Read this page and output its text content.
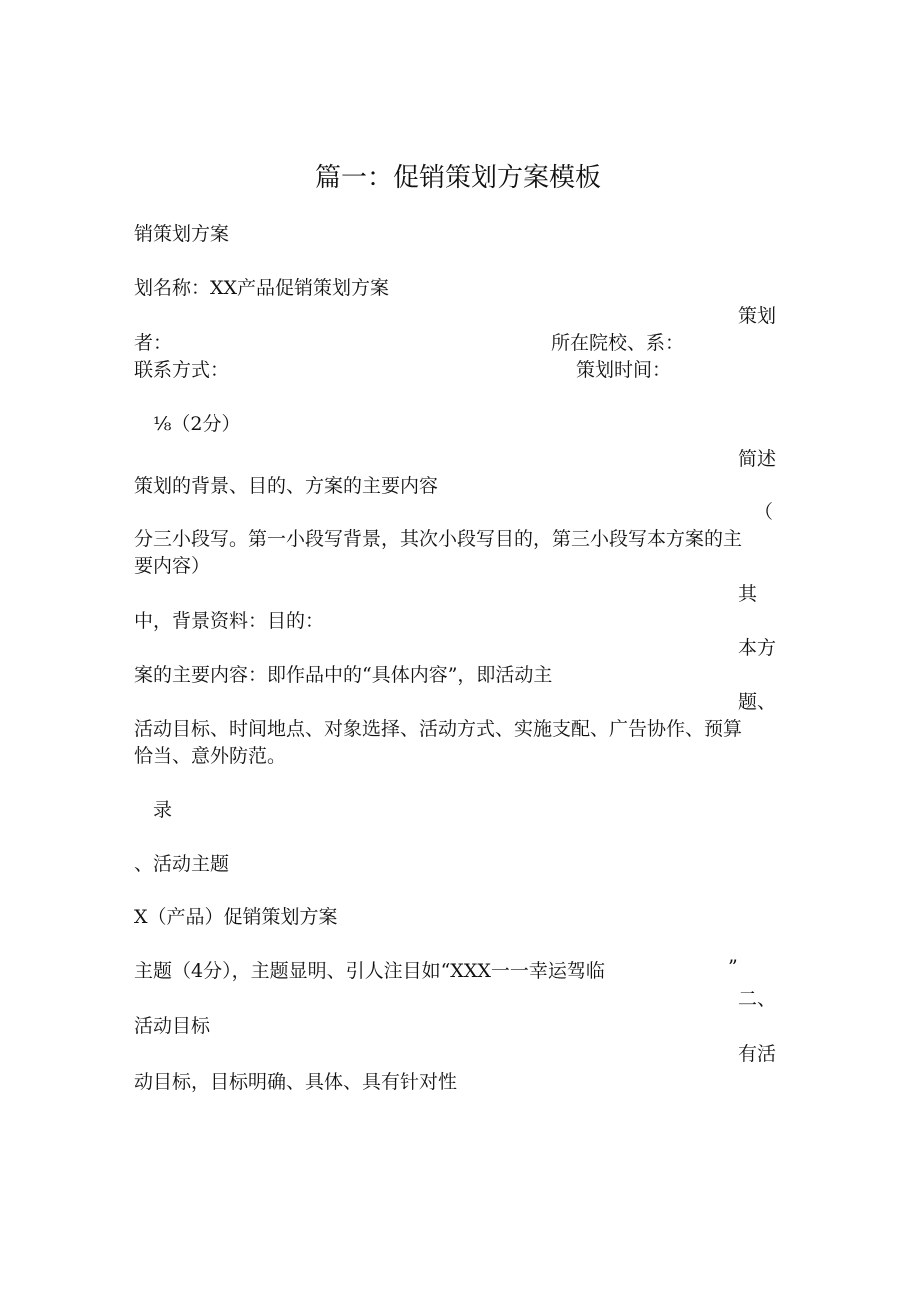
篇一：促销策划方案模板
销策划方案
划名称：XX产品促销策划方案
策划
者：	所在院校、系：
联系方式：	策划时间：
⅛（2分）
简述
策划的背景、目的、方案的主要内容
（
分三小段写。第一小段写背景，其次小段写目的，第三小段写本方案的主
要内容）
其
中，背景资料：目的：
本方
案的主要内容：即作品中的“具体内容”，即活动主
题、
活动目标、时间地点、对象选择、活动方式、实施支配、广告协作、预算
恰当、意外防范。
录
、活动主题
X（产品）促销策划方案
主题（4分），主题显明、引人注目如“XXX一一幸运驾临	”
二、
活动目标
有活
动目标，目标明确、具体、具有针对性
